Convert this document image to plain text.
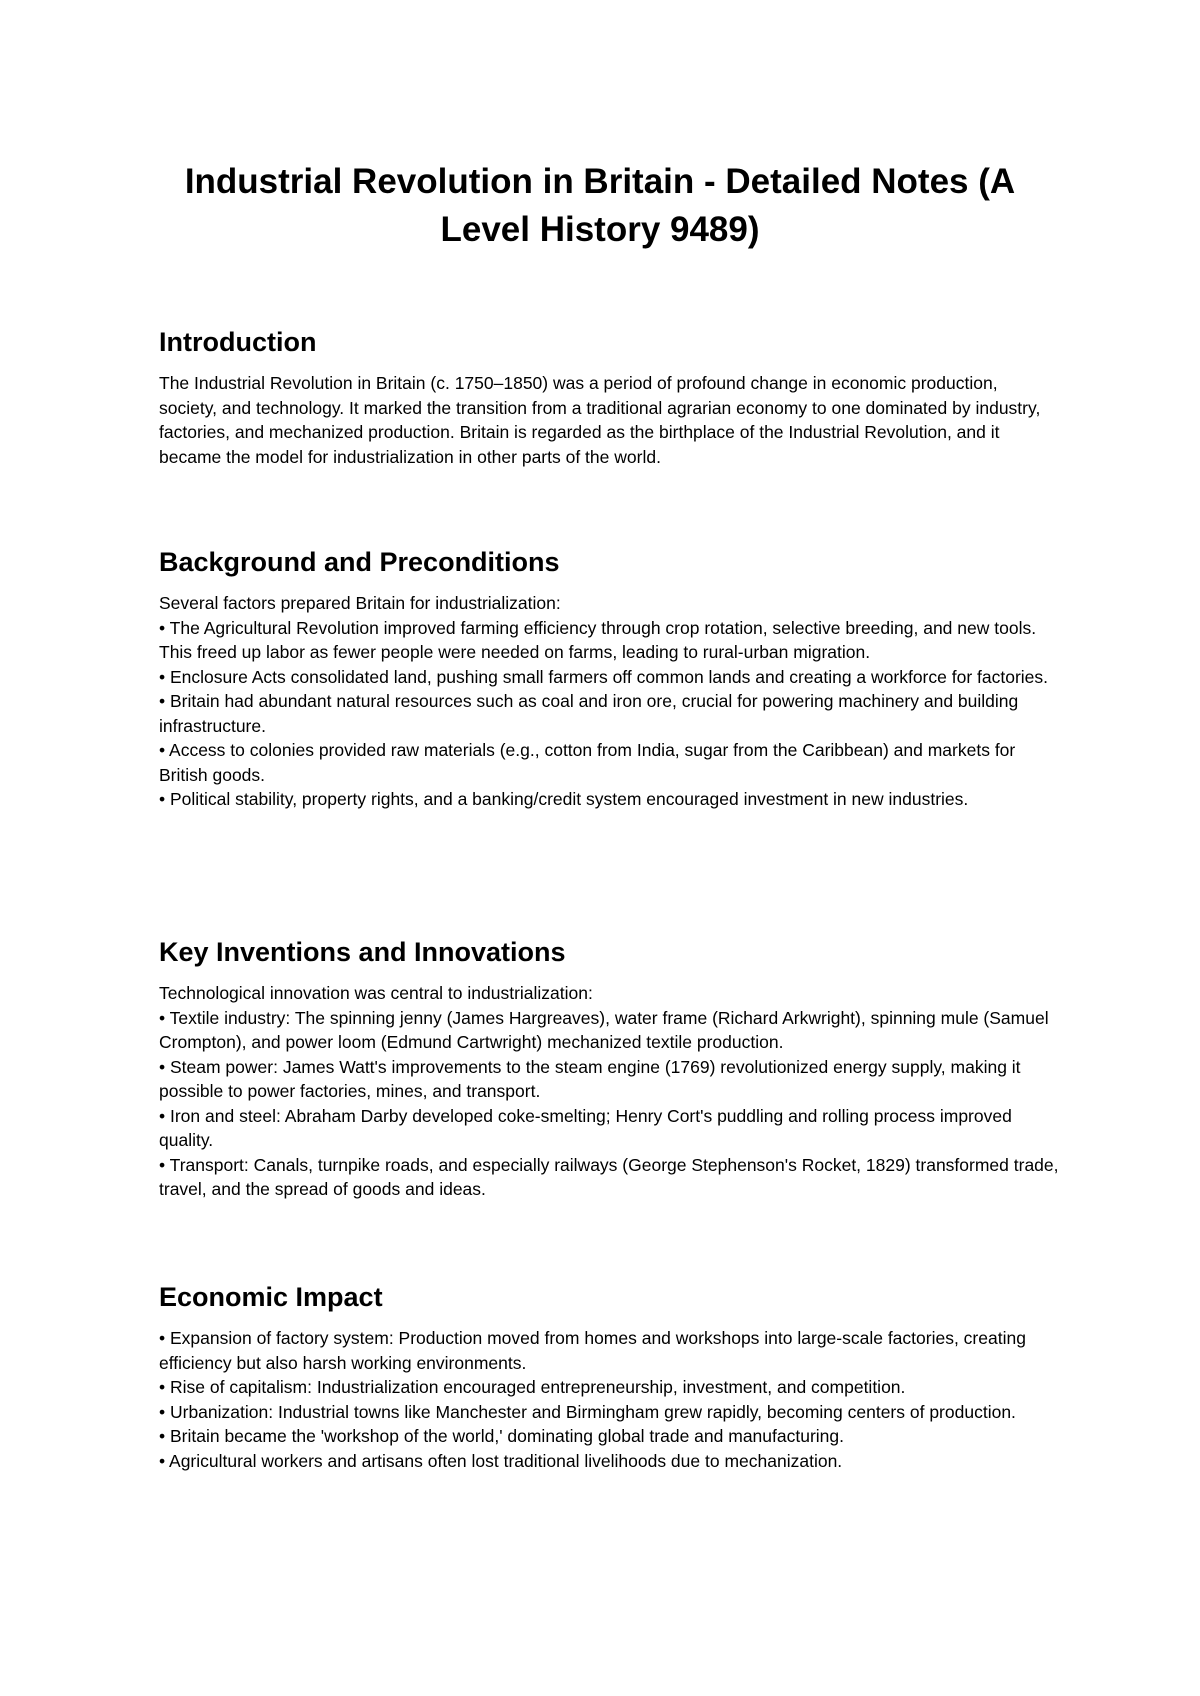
Industrial Revolution in Britain - Detailed Notes (A Level History 9489)
Introduction

The Industrial Revolution in Britain (c. 1750–1850) was a period of profound change in economic production, society, and technology. It marked the transition from a traditional agrarian economy to one dominated by industry, factories, and mechanized production. Britain is regarded as the birthplace of the Industrial Revolution, and it became the model for industrialization in other parts of the world.

Background and Preconditions

Several factors prepared Britain for industrialization:

• The Agricultural Revolution improved farming efficiency through crop rotation, selective breeding, and new tools. This freed up labor as fewer people were needed on farms, leading to rural-urban migration.

• Enclosure Acts consolidated land, pushing small farmers off common lands and creating a workforce for factories.

• Britain had abundant natural resources such as coal and iron ore, crucial for powering machinery and building infrastructure.

• Access to colonies provided raw materials (e.g., cotton from India, sugar from the Caribbean) and markets for British goods.

• Political stability, property rights, and a banking/credit system encouraged investment in new industries.

Key Inventions and Innovations

Technological innovation was central to industrialization:

• Textile industry: The spinning jenny (James Hargreaves), water frame (Richard Arkwright), spinning mule (Samuel Crompton), and power loom (Edmund Cartwright) mechanized textile production.

• Steam power: James Watt's improvements to the steam engine (1769) revolutionized energy supply, making it possible to power factories, mines, and transport.

• Iron and steel: Abraham Darby developed coke-smelting; Henry Cort's puddling and rolling process improved quality.

• Transport: Canals, turnpike roads, and especially railways (George Stephenson's Rocket, 1829) transformed trade, travel, and the spread of goods and ideas.

Economic Impact

• Expansion of factory system: Production moved from homes and workshops into large-scale factories, creating efficiency but also harsh working environments.

• Rise of capitalism: Industrialization encouraged entrepreneurship, investment, and competition.

• Urbanization: Industrial towns like Manchester and Birmingham grew rapidly, becoming centers of production.

• Britain became the 'workshop of the world,' dominating global trade and manufacturing.

• Agricultural workers and artisans often lost traditional livelihoods due to mechanization.
